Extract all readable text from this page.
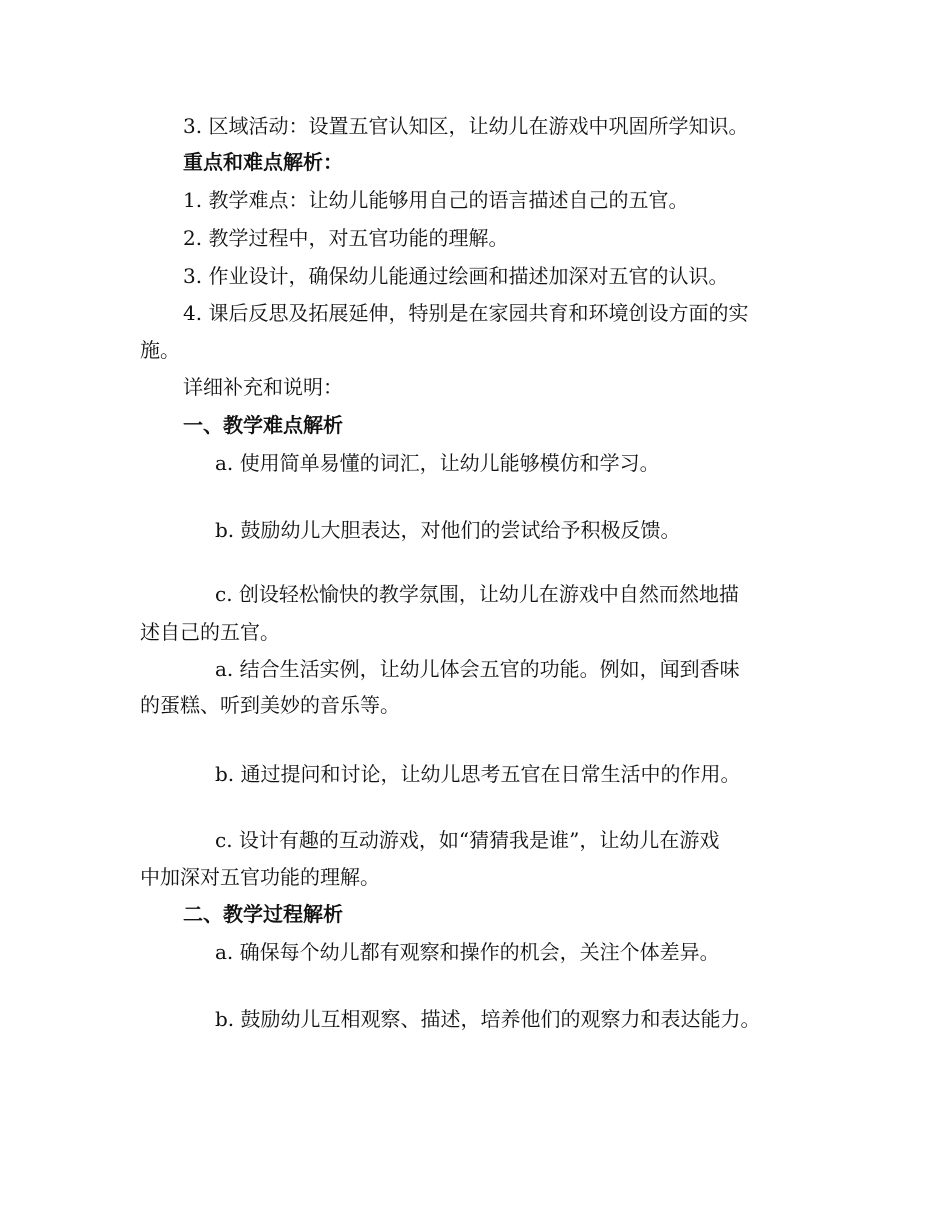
3. 区域活动：设置五官认知区，让幼儿在游戏中巩固所学知识。
重点和难点解析：
1. 教学难点：让幼儿能够用自己的语言描述自己的五官。
2. 教学过程中，对五官功能的理解。
3. 作业设计，确保幼儿能通过绘画和描述加深对五官的认识。
4. 课后反思及拓展延伸，特别是在家园共育和环境创设方面的实
施。
详细补充和说明：
一、教学难点解析
a. 使用简单易懂的词汇，让幼儿能够模仿和学习。
b. 鼓励幼儿大胆表达，对他们的尝试给予积极反馈。
c. 创设轻松愉快的教学氛围，让幼儿在游戏中自然而然地描
述自己的五官。
a. 结合生活实例，让幼儿体会五官的功能。例如，闻到香味
的蛋糕、听到美妙的音乐等。
b. 通过提问和讨论，让幼儿思考五官在日常生活中的作用。
c. 设计有趣的互动游戏，如“猜猜我是谁”，让幼儿在游戏
中加深对五官功能的理解。
二、教学过程解析
a. 确保每个幼儿都有观察和操作的机会，关注个体差异。
b. 鼓励幼儿互相观察、描述，培养他们的观察力和表达能力。
